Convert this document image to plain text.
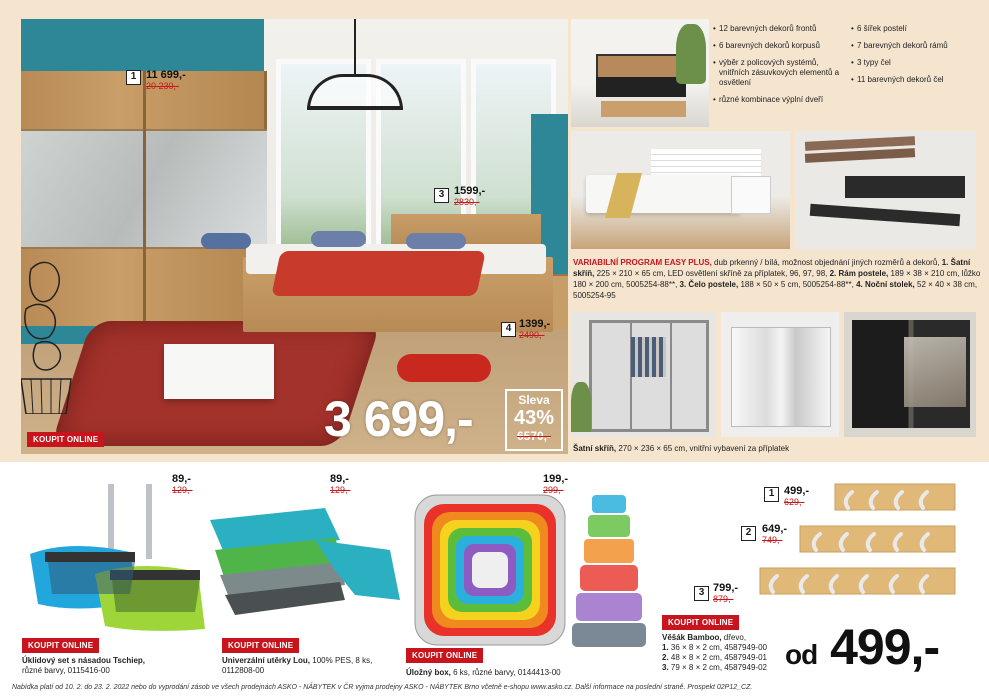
1 11 699,-
20 230,-
3 1599,-
2830,-
4 1399,-
2490,-
3 699,-	Sleva
43%
6570,-
KOUPIT ONLINE
• 12 barevných dekorů frontů
• 6 barevných dekorů korpusů
• výběr z policových systémů, vnitřních zásuvkových elementů a osvětlení
• různé kombinace výplní dveří
• 6 šířek postelí
• 7 barevných dekorů rámů
• 3 typy čel
• 11 barevných dekorů čel
VARIABILNÍ PROGRAM EASY PLUS, dub prkenný / bílá, možnost objednání jiných rozměrů a dekorů, 1. Šatní skříň, 225 × 210 × 65 cm, LED osvětlení skříně za příplatek, 96, 97, 98, 2. Rám postele, 189 × 38 × 210 cm, lůžko 180 × 200 cm, 5005254-88**, 3. Čelo postele, 188 × 50 × 5 cm, 5005254-88**, 4. Noční stolek, 52 × 40 × 38 cm, 5005254-95
Šatní skříň, 270 × 236 × 65 cm, vnitřní vybavení za příplatek
89,-
129,-
KOUPIT ONLINE
Úklidový set s násadou Tschiep,
různé barvy, 0115416-00
89,-
129,-
KOUPIT ONLINE
Univerzální utěrky Lou, 100% PES, 8 ks, 0112808-00
199,-
299,-
KOUPIT ONLINE
Úložný box, 6 ks, různé barvy, 0144413-00
1 499,-
629,-
2 649,-
749,-
3 799,-
879,-
KOUPIT ONLINE
Věšák Bamboo, dřevo,
1. 36 × 8 × 2 cm, 4587949-00
2. 48 × 8 × 2 cm, 4587949-01
3. 79 × 8 × 2 cm, 4587949-02 od 499,-
Nabídka platí od 10. 2. do 23. 2. 2022 nebo do vyprodání zásob ve všech prodejnách ASKO - NÁBYTEK v ČR vyjma prodejny ASKO - NÁBYTEK Brno včetně e-shopu www.asko.cz. Další informace na poslední straně. Prospekt 02P12_CZ.
